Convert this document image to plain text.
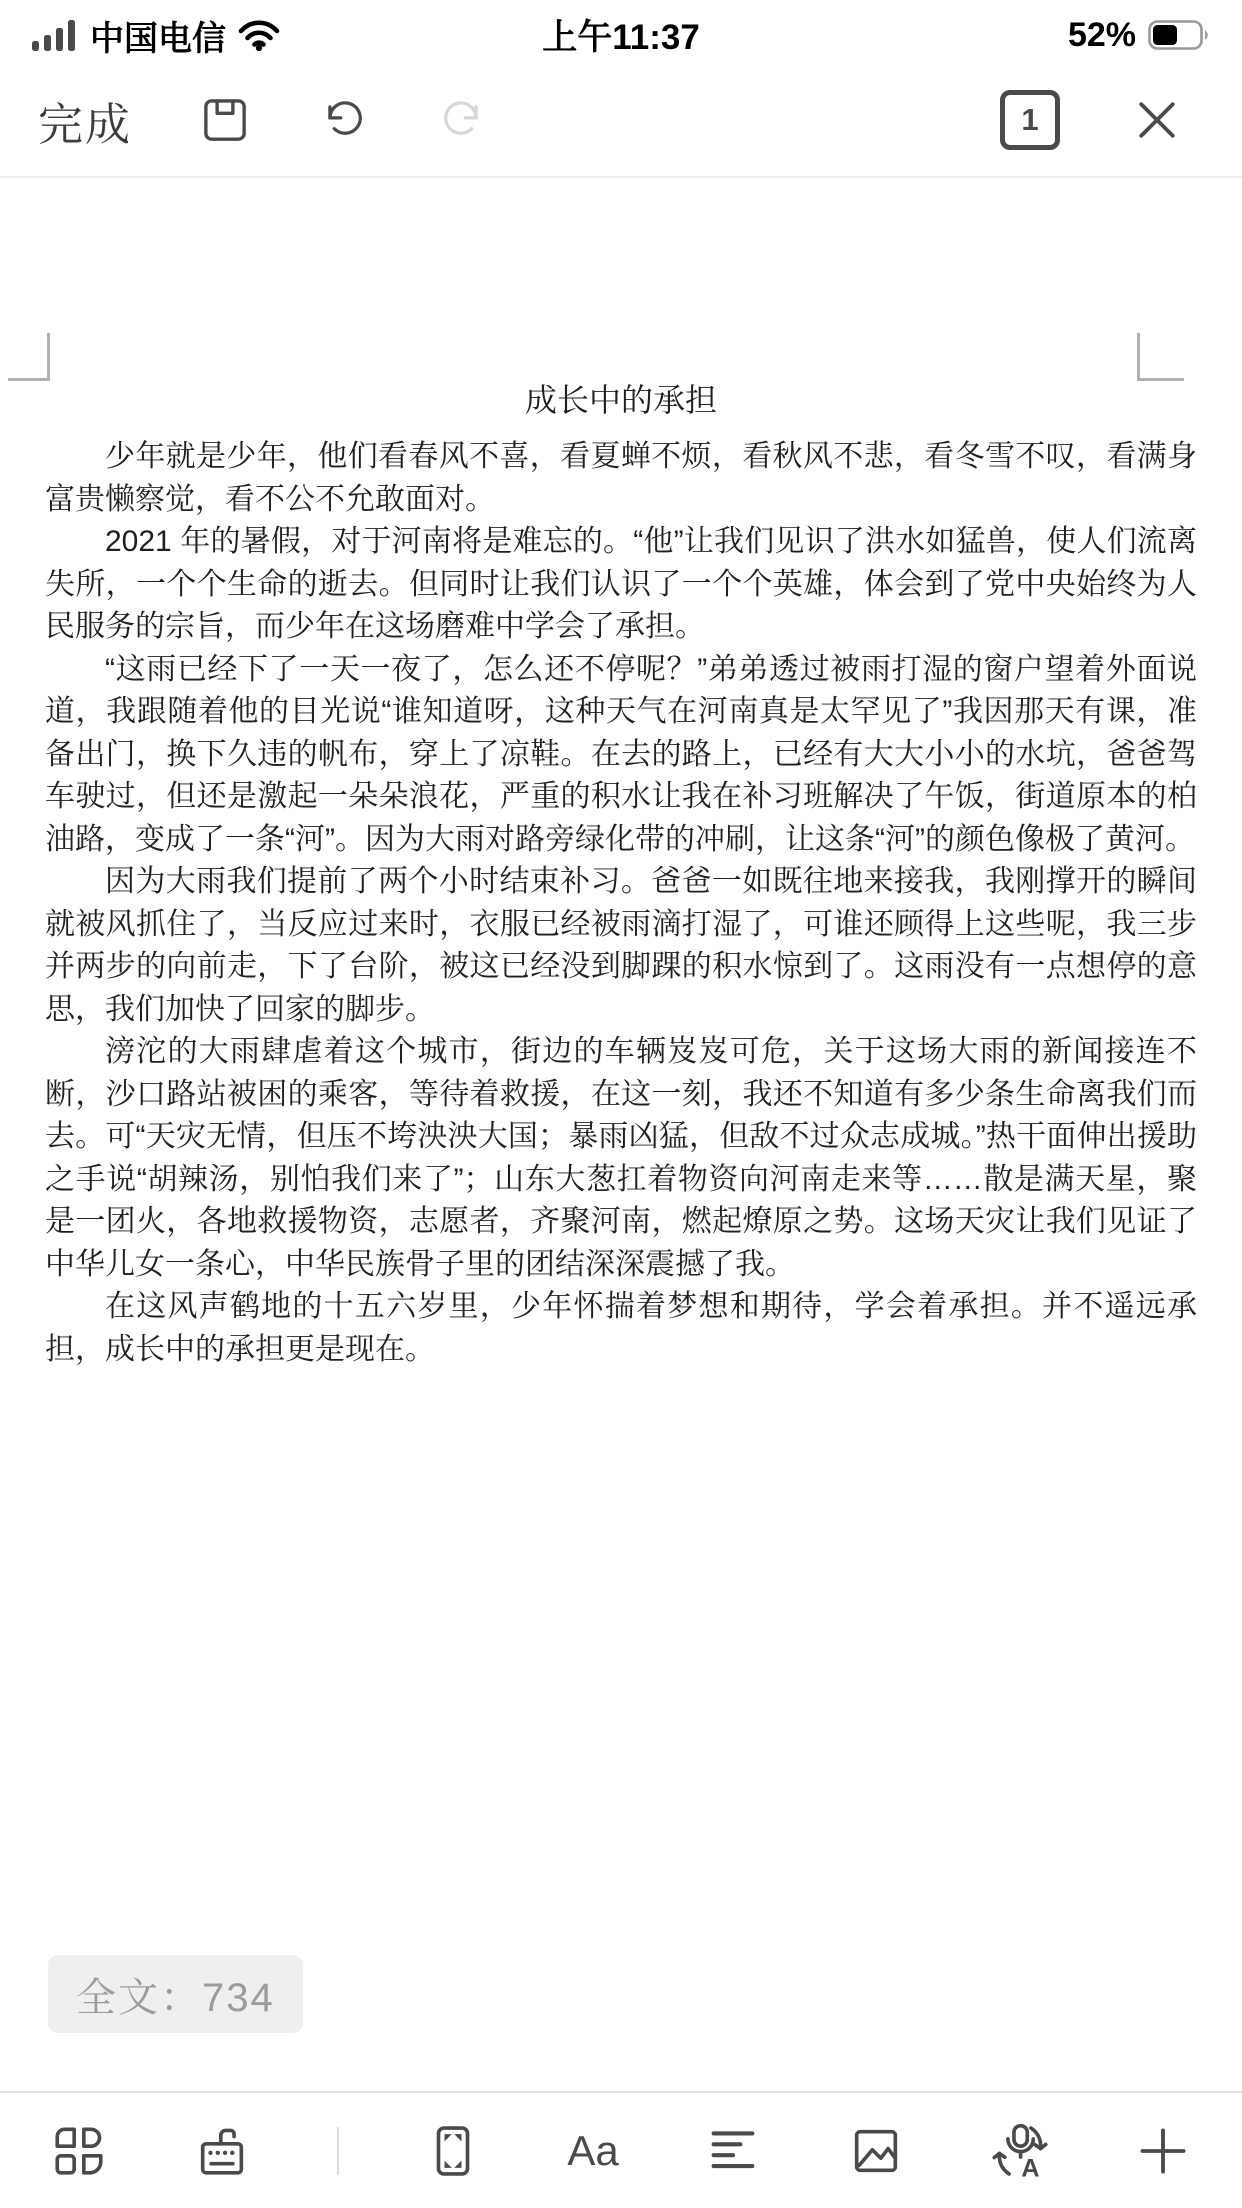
上午11:37
中国电信	52%
完成	1
成长中的承担

少年就是少年，他们看春风不喜，看夏蝉不烦，看秋风不悲，看冬雪不叹，看满身富贵懒察觉，看不公不允敢面对。

2021 年的暑假，对于河南将是难忘的。“他”让我们见识了洪水如猛兽，使人们流离失所，一个个生命的逝去。但同时让我们认识了一个个英雄，体会到了党中央始终为人民服务的宗旨，而少年在这场磨难中学会了承担。

“这雨已经下了一天一夜了，怎么还不停呢？”弟弟透过被雨打湿的窗户望着外面说道，我跟随着他的目光说“谁知道呀，这种天气在河南真是太罕见了”我因那天有课，准备出门，换下久违的帆布，穿上了凉鞋。在去的路上，已经有大大小小的水坑，爸爸驾车驶过，但还是激起一朵朵浪花，严重的积水让我在补习班解决了午饭，街道原本的柏油路，变成了一条“河”。因为大雨对路旁绿化带的冲刷，让这条“河”的颜色像极了黄河。

因为大雨我们提前了两个小时结束补习。爸爸一如既往地来接我，我刚撑开的瞬间就被风抓住了，当反应过来时，衣服已经被雨滴打湿了，可谁还顾得上这些呢，我三步并两步的向前走，下了台阶，被这已经没到脚踝的积水惊到了。这雨没有一点想停的意思，我们加快了回家的脚步。

滂沱的大雨肆虐着这个城市，街边的车辆岌岌可危，关于这场大雨的新闻接连不断，沙口路站被困的乘客，等待着救援，在这一刻，我还不知道有多少条生命离我们而去。可“天灾无情，但压不垮泱泱大国；暴雨凶猛，但敌不过众志成城。”热干面伸出援助之手说“胡辣汤，别怕我们来了”；山东大葱扛着物资向河南走来等……散是满天星，聚是一团火，各地救援物资，志愿者，齐聚河南，燃起燎原之势。这场天灾让我们见证了中华儿女一条心，中华民族骨子里的团结深深震撼了我。

在这风声鹤地的十五六岁里，少年怀揣着梦想和期待，学会着承担。并不遥远承担，成长中的承担更是现在。

全文：734
Aa	A
